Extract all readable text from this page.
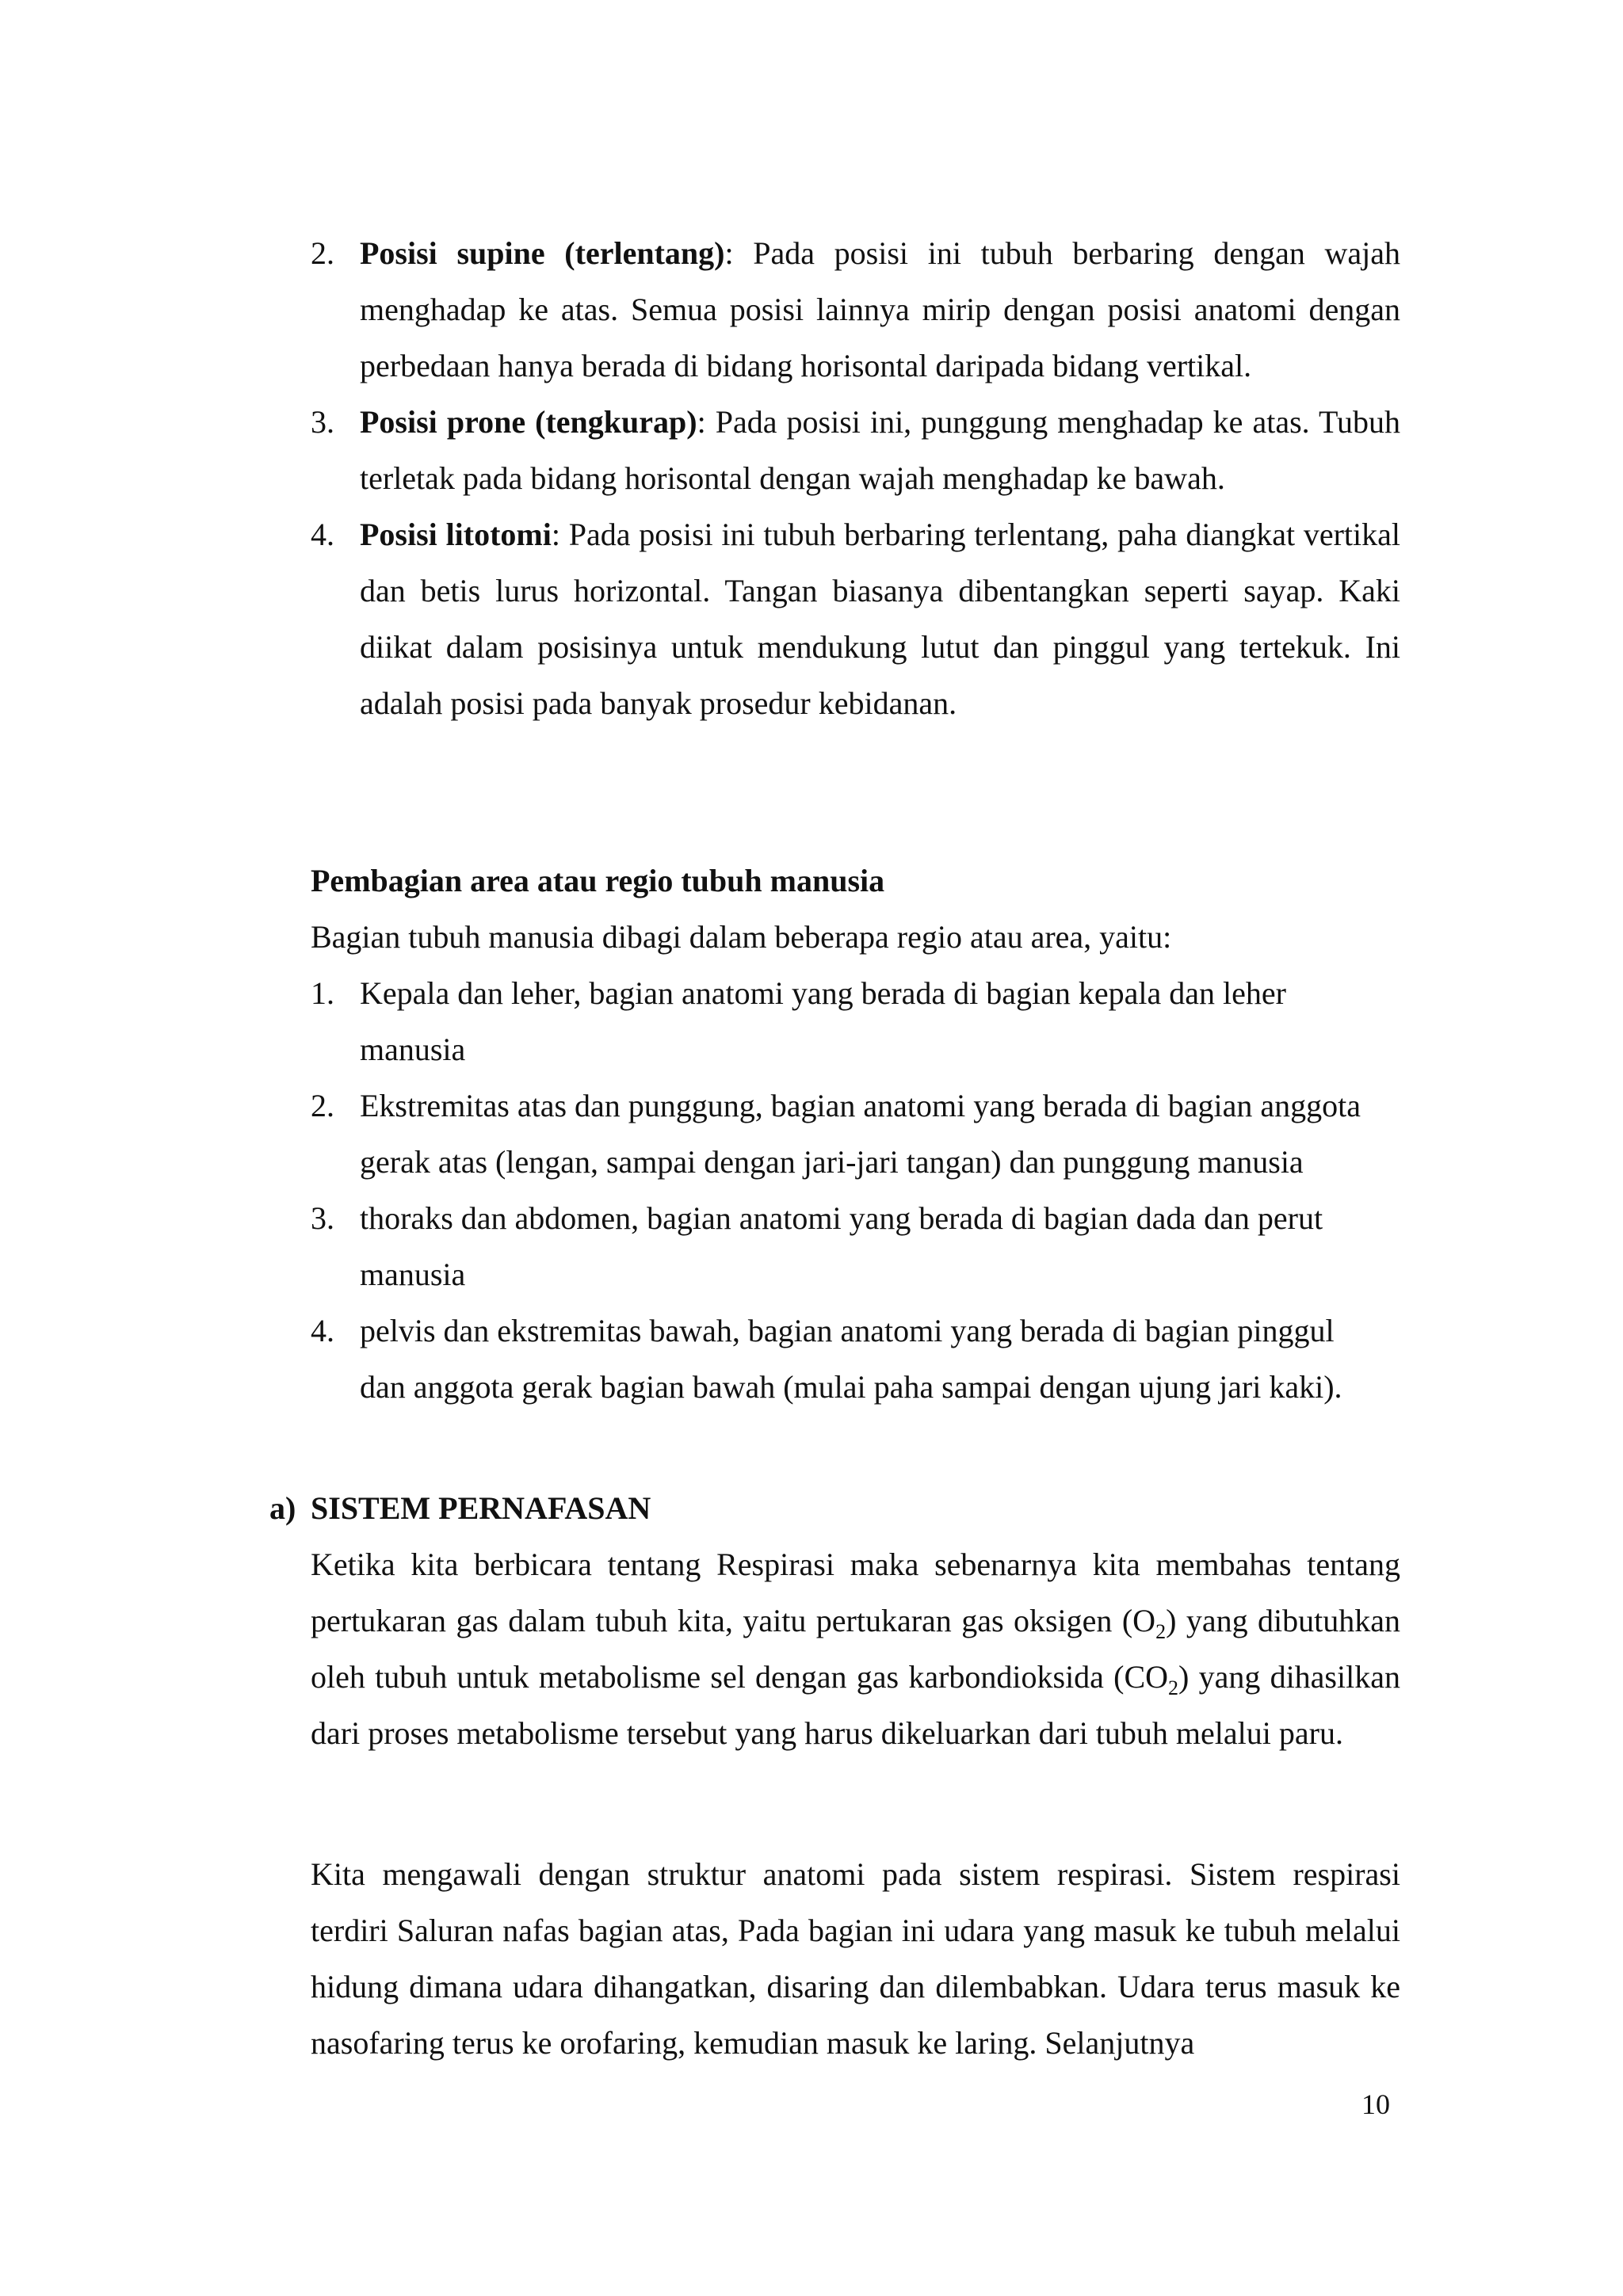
2. Posisi supine (terlentang): Pada posisi ini tubuh berbaring dengan wajah menghadap ke atas. Semua posisi lainnya mirip dengan posisi anatomi dengan perbedaan hanya berada di bidang horisontal daripada bidang vertikal.
3. Posisi prone (tengkurap): Pada posisi ini, punggung menghadap ke atas. Tubuh terletak pada bidang horisontal dengan wajah menghadap ke bawah.
4. Posisi litotomi: Pada posisi ini tubuh berbaring terlentang, paha diangkat vertikal dan betis lurus horizontal. Tangan biasanya dibentangkan seperti sayap. Kaki diikat dalam posisinya untuk mendukung lutut dan pinggul yang tertekuk. Ini adalah posisi pada banyak prosedur kebidanan.

Pembagian area atau regio tubuh manusia

Bagian tubuh manusia dibagi dalam beberapa regio atau area, yaitu:

1. Kepala dan leher, bagian anatomi yang berada di bagian kepala dan leher manusia
2. Ekstremitas atas dan punggung, bagian anatomi yang berada di bagian anggota gerak atas (lengan, sampai dengan jari-jari tangan) dan punggung manusia
3. thoraks dan abdomen, bagian anatomi yang berada di bagian dada dan perut manusia
4. pelvis dan ekstremitas bawah, bagian anatomi yang berada di bagian pinggul dan anggota gerak bagian bawah (mulai paha sampai dengan ujung jari kaki).

a) SISTEM PERNAFASAN

Ketika kita berbicara tentang Respirasi maka sebenarnya kita membahas tentang pertukaran gas dalam tubuh kita, yaitu pertukaran gas oksigen $(O_2)$ yang dibutuhkan oleh tubuh untuk metabolisme sel dengan gas karbondioksida $(CO_2)$ yang dihasilkan dari proses metabolisme tersebut yang harus dikeluarkan dari tubuh melalui paru.

Kita mengawali dengan struktur anatomi pada sistem respirasi. Sistem respirasi terdiri Saluran nafas bagian atas, Pada bagian ini udara yang masuk ke tubuh melalui hidung dimana udara dihangatkan, disaring dan dilembabkan. Udara terus masuk ke nasofaring terus ke orofaring, kemudian masuk ke laring. Selanjutnya

10
